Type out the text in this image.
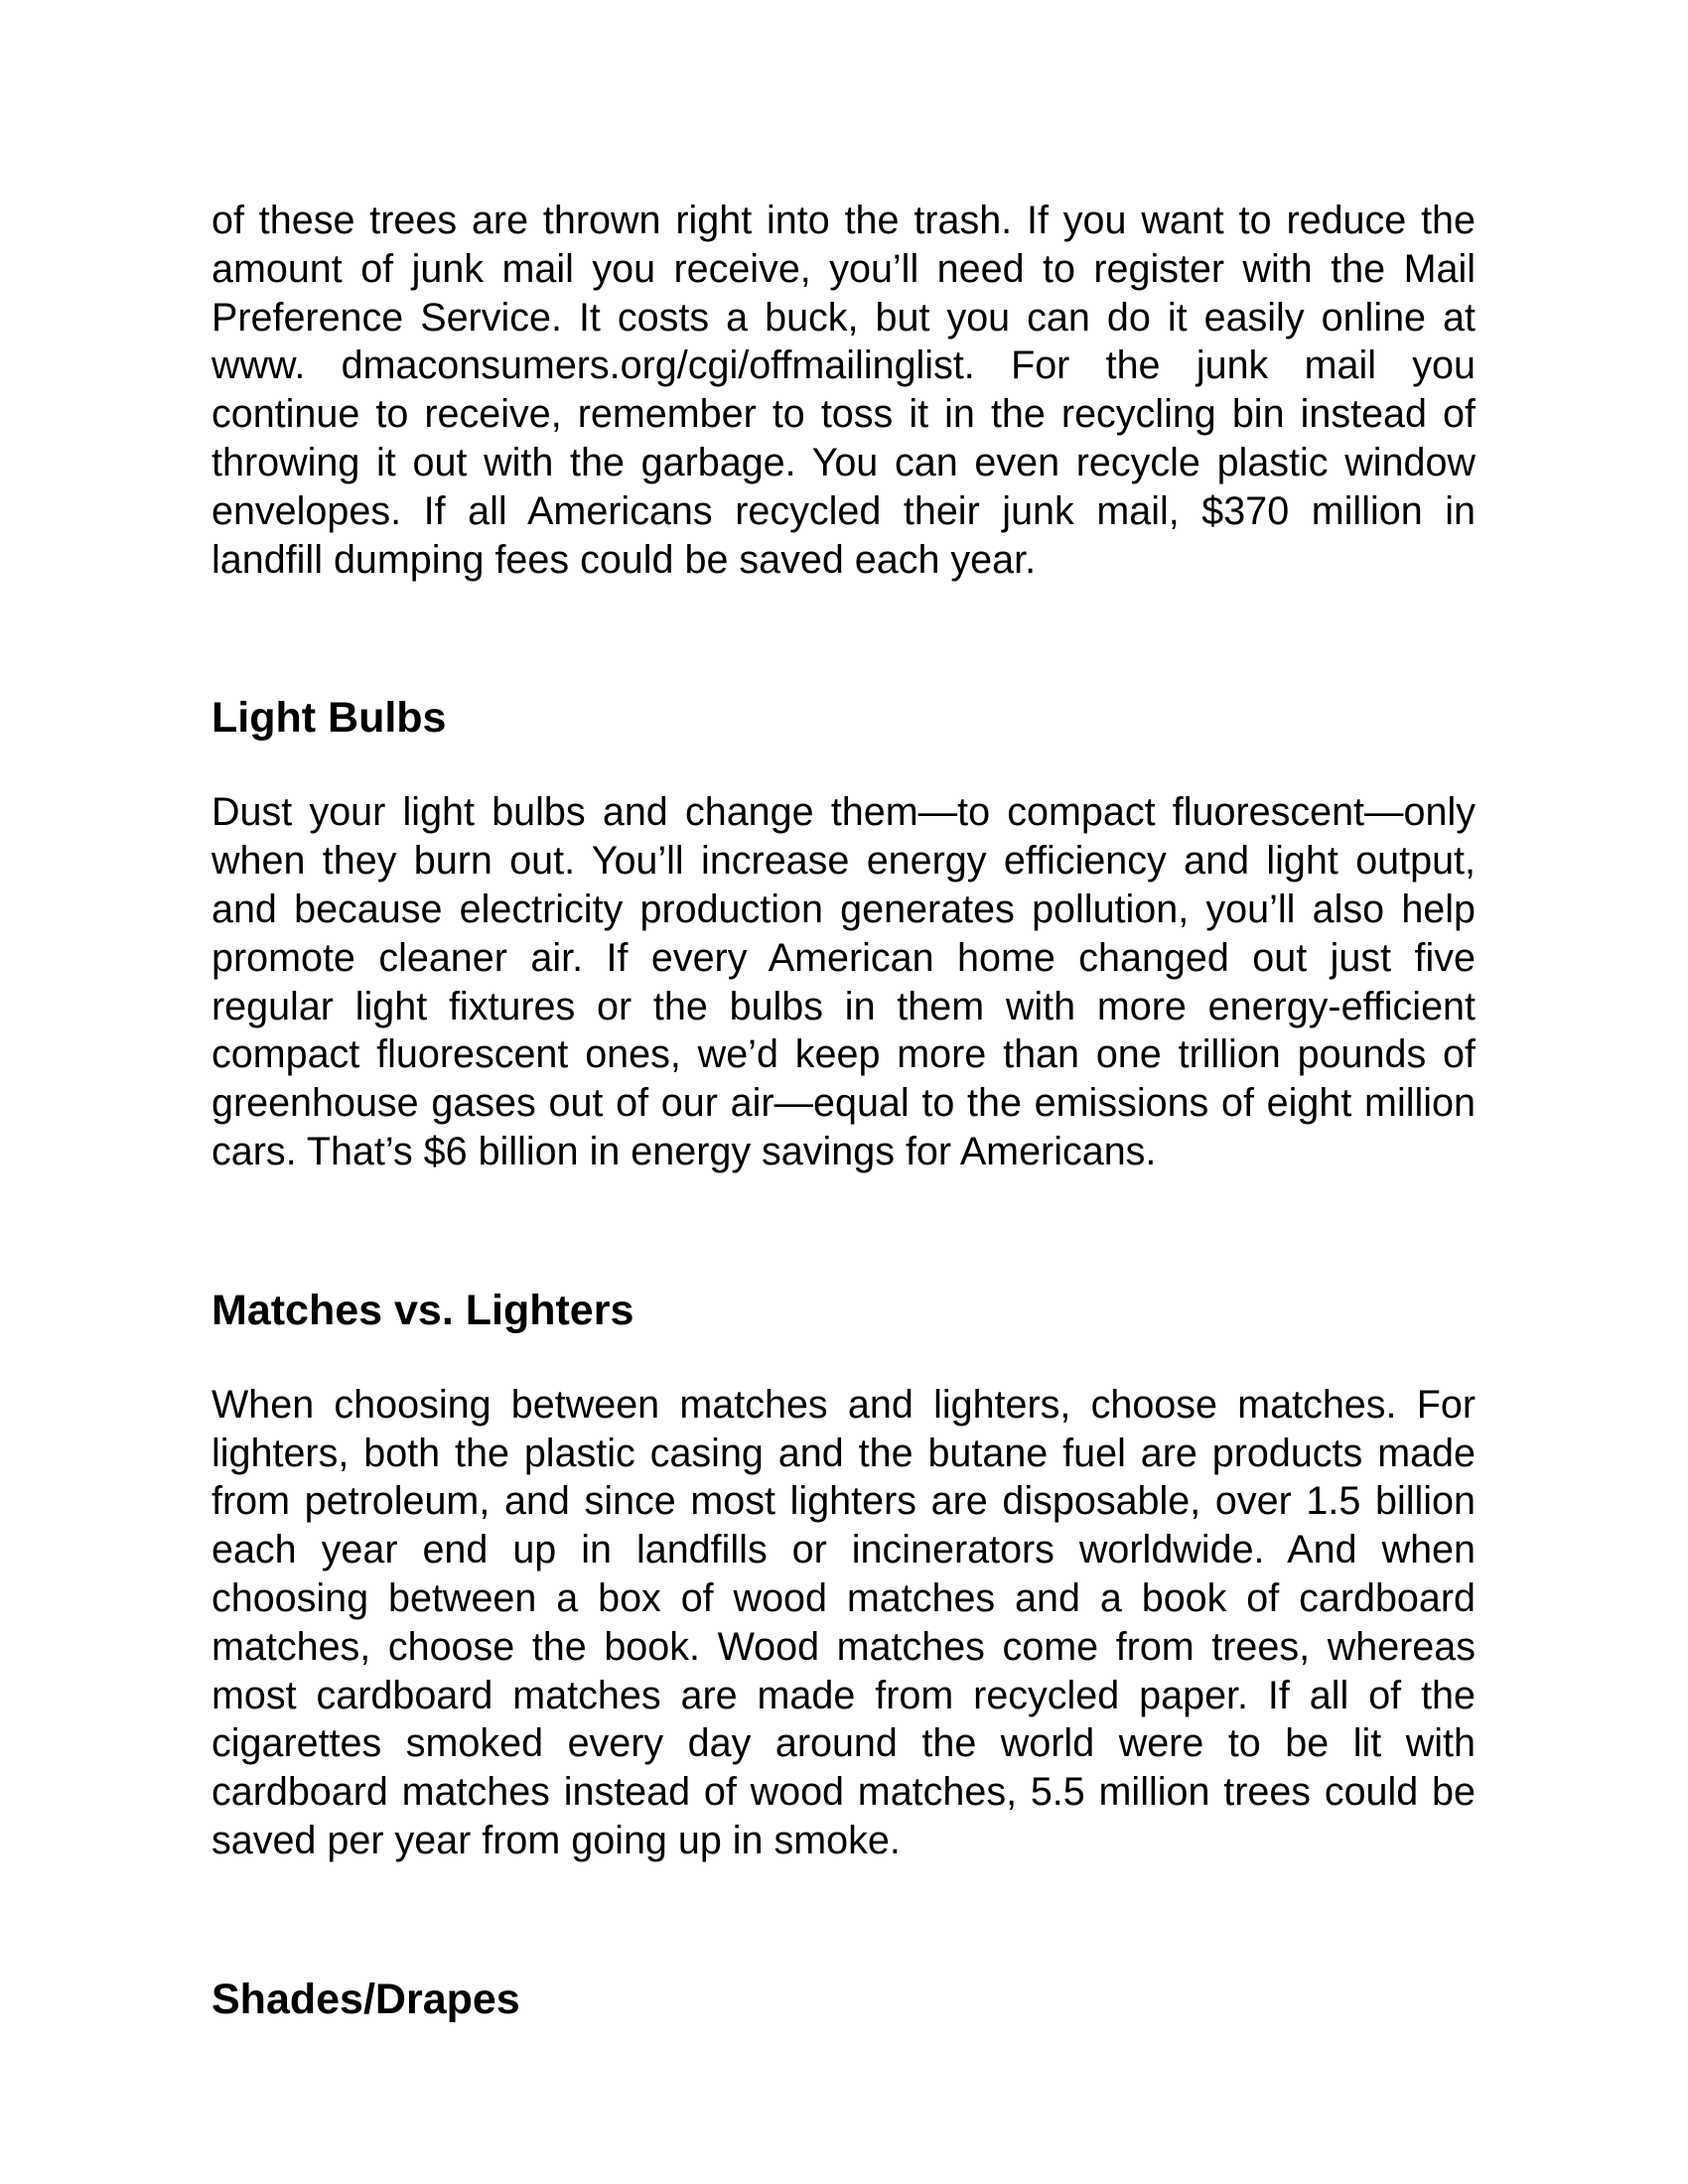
of these trees are thrown right into the trash. If you want to reduce the amount of junk mail you receive, you’ll need to register with the Mail Preference Service. It costs a buck, but you can do it easily online at www. dmaconsumers.org/cgi/offmailinglist. For the junk mail you continue to receive, remember to toss it in the recycling bin instead of throwing it out with the garbage. You can even recycle plastic window envelopes. If all Americans recycled their junk mail, $370 million in landfill dumping fees could be saved each year.

Light Bulbs

Dust your light bulbs and change them—to compact fluorescent—only when they burn out. You’ll increase energy efficiency and light output, and because electricity production generates pollution, you’ll also help promote cleaner air. If every American home changed out just five regular light fixtures or the bulbs in them with more energy-efficient compact fluorescent ones, we’d keep more than one trillion pounds of greenhouse gases out of our air—equal to the emissions of eight million cars. That’s $6 billion in energy savings for Americans.

Matches vs. Lighters

When choosing between matches and lighters, choose matches. For lighters, both the plastic casing and the butane fuel are products made from petroleum, and since most lighters are disposable, over 1.5 billion each year end up in landfills or incinerators worldwide. And when choosing between a box of wood matches and a book of cardboard matches, choose the book. Wood matches come from trees, whereas most cardboard matches are made from recycled paper. If all of the cigarettes smoked every day around the world were to be lit with cardboard matches instead of wood matches, 5.5 million trees could be saved per year from going up in smoke.

Shades/Drapes
